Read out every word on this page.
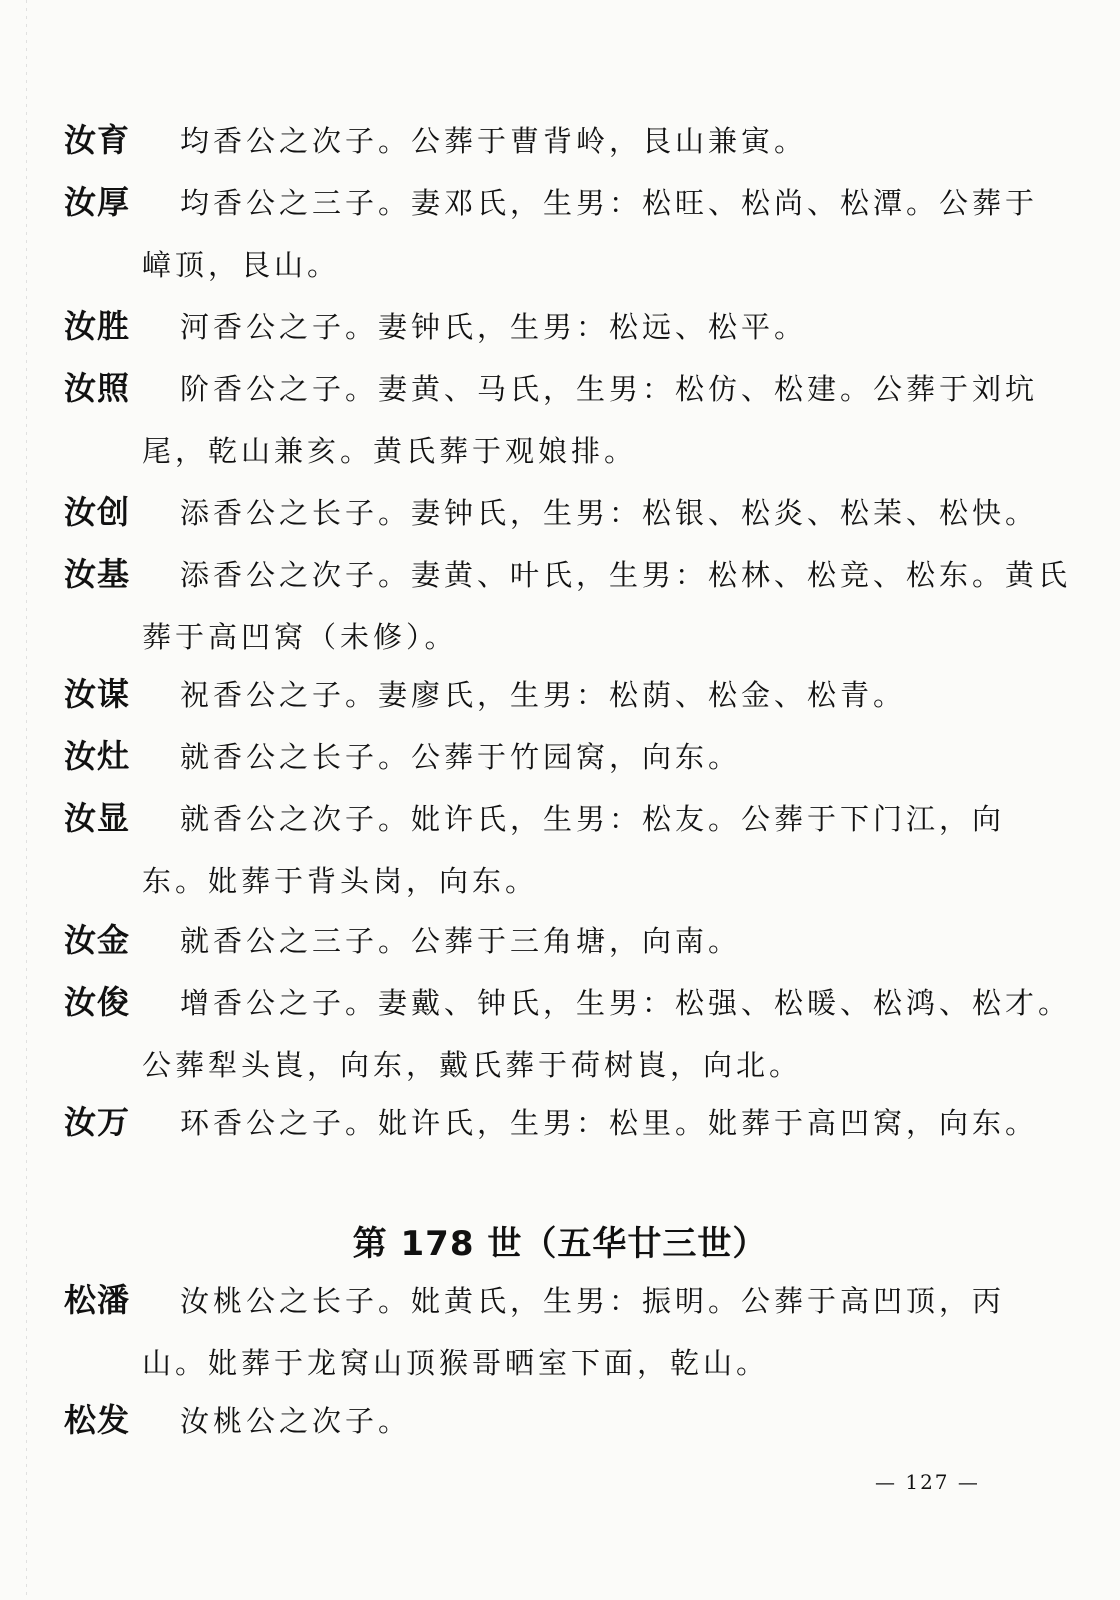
汝育 均香公之次子。公葬于曹背岭，艮山兼寅。
汝厚 均香公之三子。妻邓氏，生男：松旺、松尚、松潭。公葬于
嶂顶，艮山。
汝胜 河香公之子。妻钟氏，生男：松远、松平。
汝照 阶香公之子。妻黄、马氏，生男：松仿、松建。公葬于刘坑
尾，乾山兼亥。黄氏葬于观娘排。
汝创 添香公之长子。妻钟氏，生男：松银、松炎、松苿、松快。
汝基 添香公之次子。妻黄、叶氏，生男：松林、松竞、松东。黄氏
葬于高凹窝（未修）。
汝谋 祝香公之子。妻廖氏，生男：松荫、松金、松青。
汝灶 就香公之长子。公葬于竹园窝，向东。
汝显 就香公之次子。妣许氏，生男：松友。公葬于下门江，向
东。妣葬于背头岗，向东。
汝金 就香公之三子。公葬于三角塘，向南。
汝俊 增香公之子。妻戴、钟氏，生男：松强、松暖、松鸿、松才。
公葬犁头崀，向东，戴氏葬于荷树崀，向北。
汝万 环香公之子。妣许氏，生男：松里。妣葬于高凹窝，向东。
第 178 世（五华廿三世）
松潘 汝桃公之长子。妣黄氏，生男：振明。公葬于高凹顶，丙
山。妣葬于龙窝山顶猴哥晒室下面，乾山。
松发 汝桃公之次子。
— 127 —
